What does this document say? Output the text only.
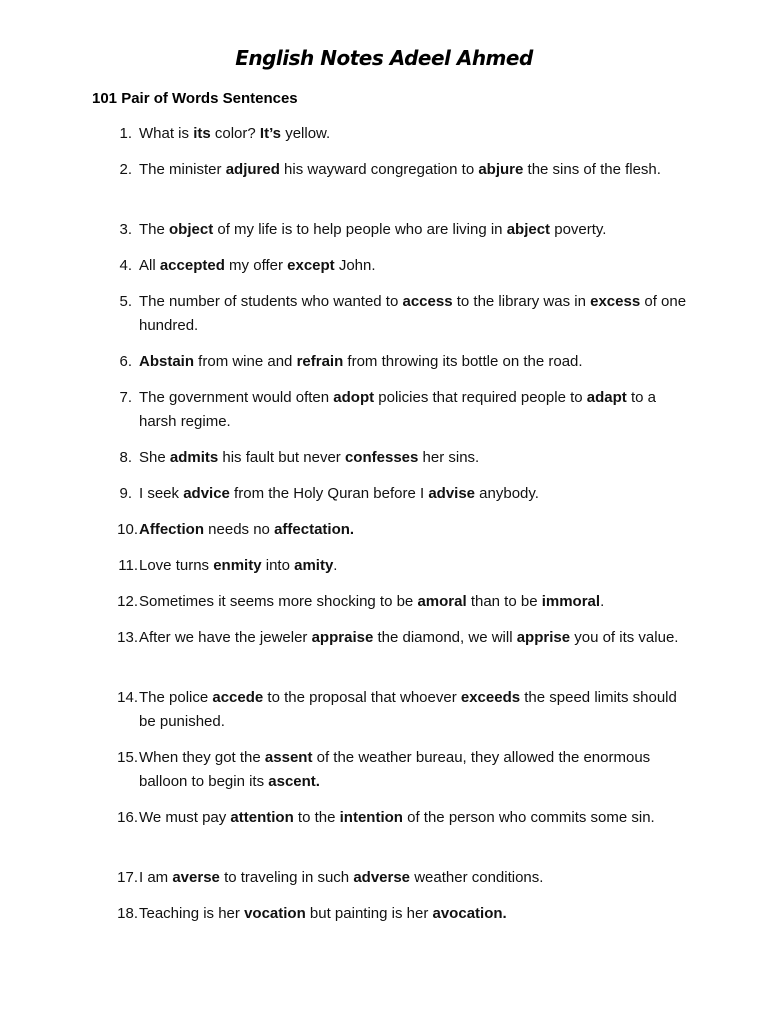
English Notes Adeel Ahmed
101 Pair of Words Sentences
1. What is its color? It’s yellow.
2. The minister adjured his wayward congregation to abjure the sins of the flesh.
3. The object of my life is to help people who are living in abject poverty.
4. All accepted my offer except John.
5. The number of students who wanted to access to the library was in excess of one hundred.
6. Abstain from wine and refrain from throwing its bottle on the road.
7. The government would often adopt policies that required people to adapt to a harsh regime.
8. She admits his fault but never confesses her sins.
9. I seek advice from the Holy Quran before I advise anybody.
10. Affection needs no affectation.
11. Love turns enmity into amity.
12. Sometimes it seems more shocking to be amoral than to be immoral.
13. After we have the jeweler appraise the diamond, we will apprise you of its value.
14. The police accede to the proposal that whoever exceeds the speed limits should be punished.
15. When they got the assent of the weather bureau, they allowed the enormous balloon to begin its ascent.
16. We must pay attention to the intention of the person who commits some sin.
17. I am averse to traveling in such adverse weather conditions.
18. Teaching is her vocation but painting is her avocation.
